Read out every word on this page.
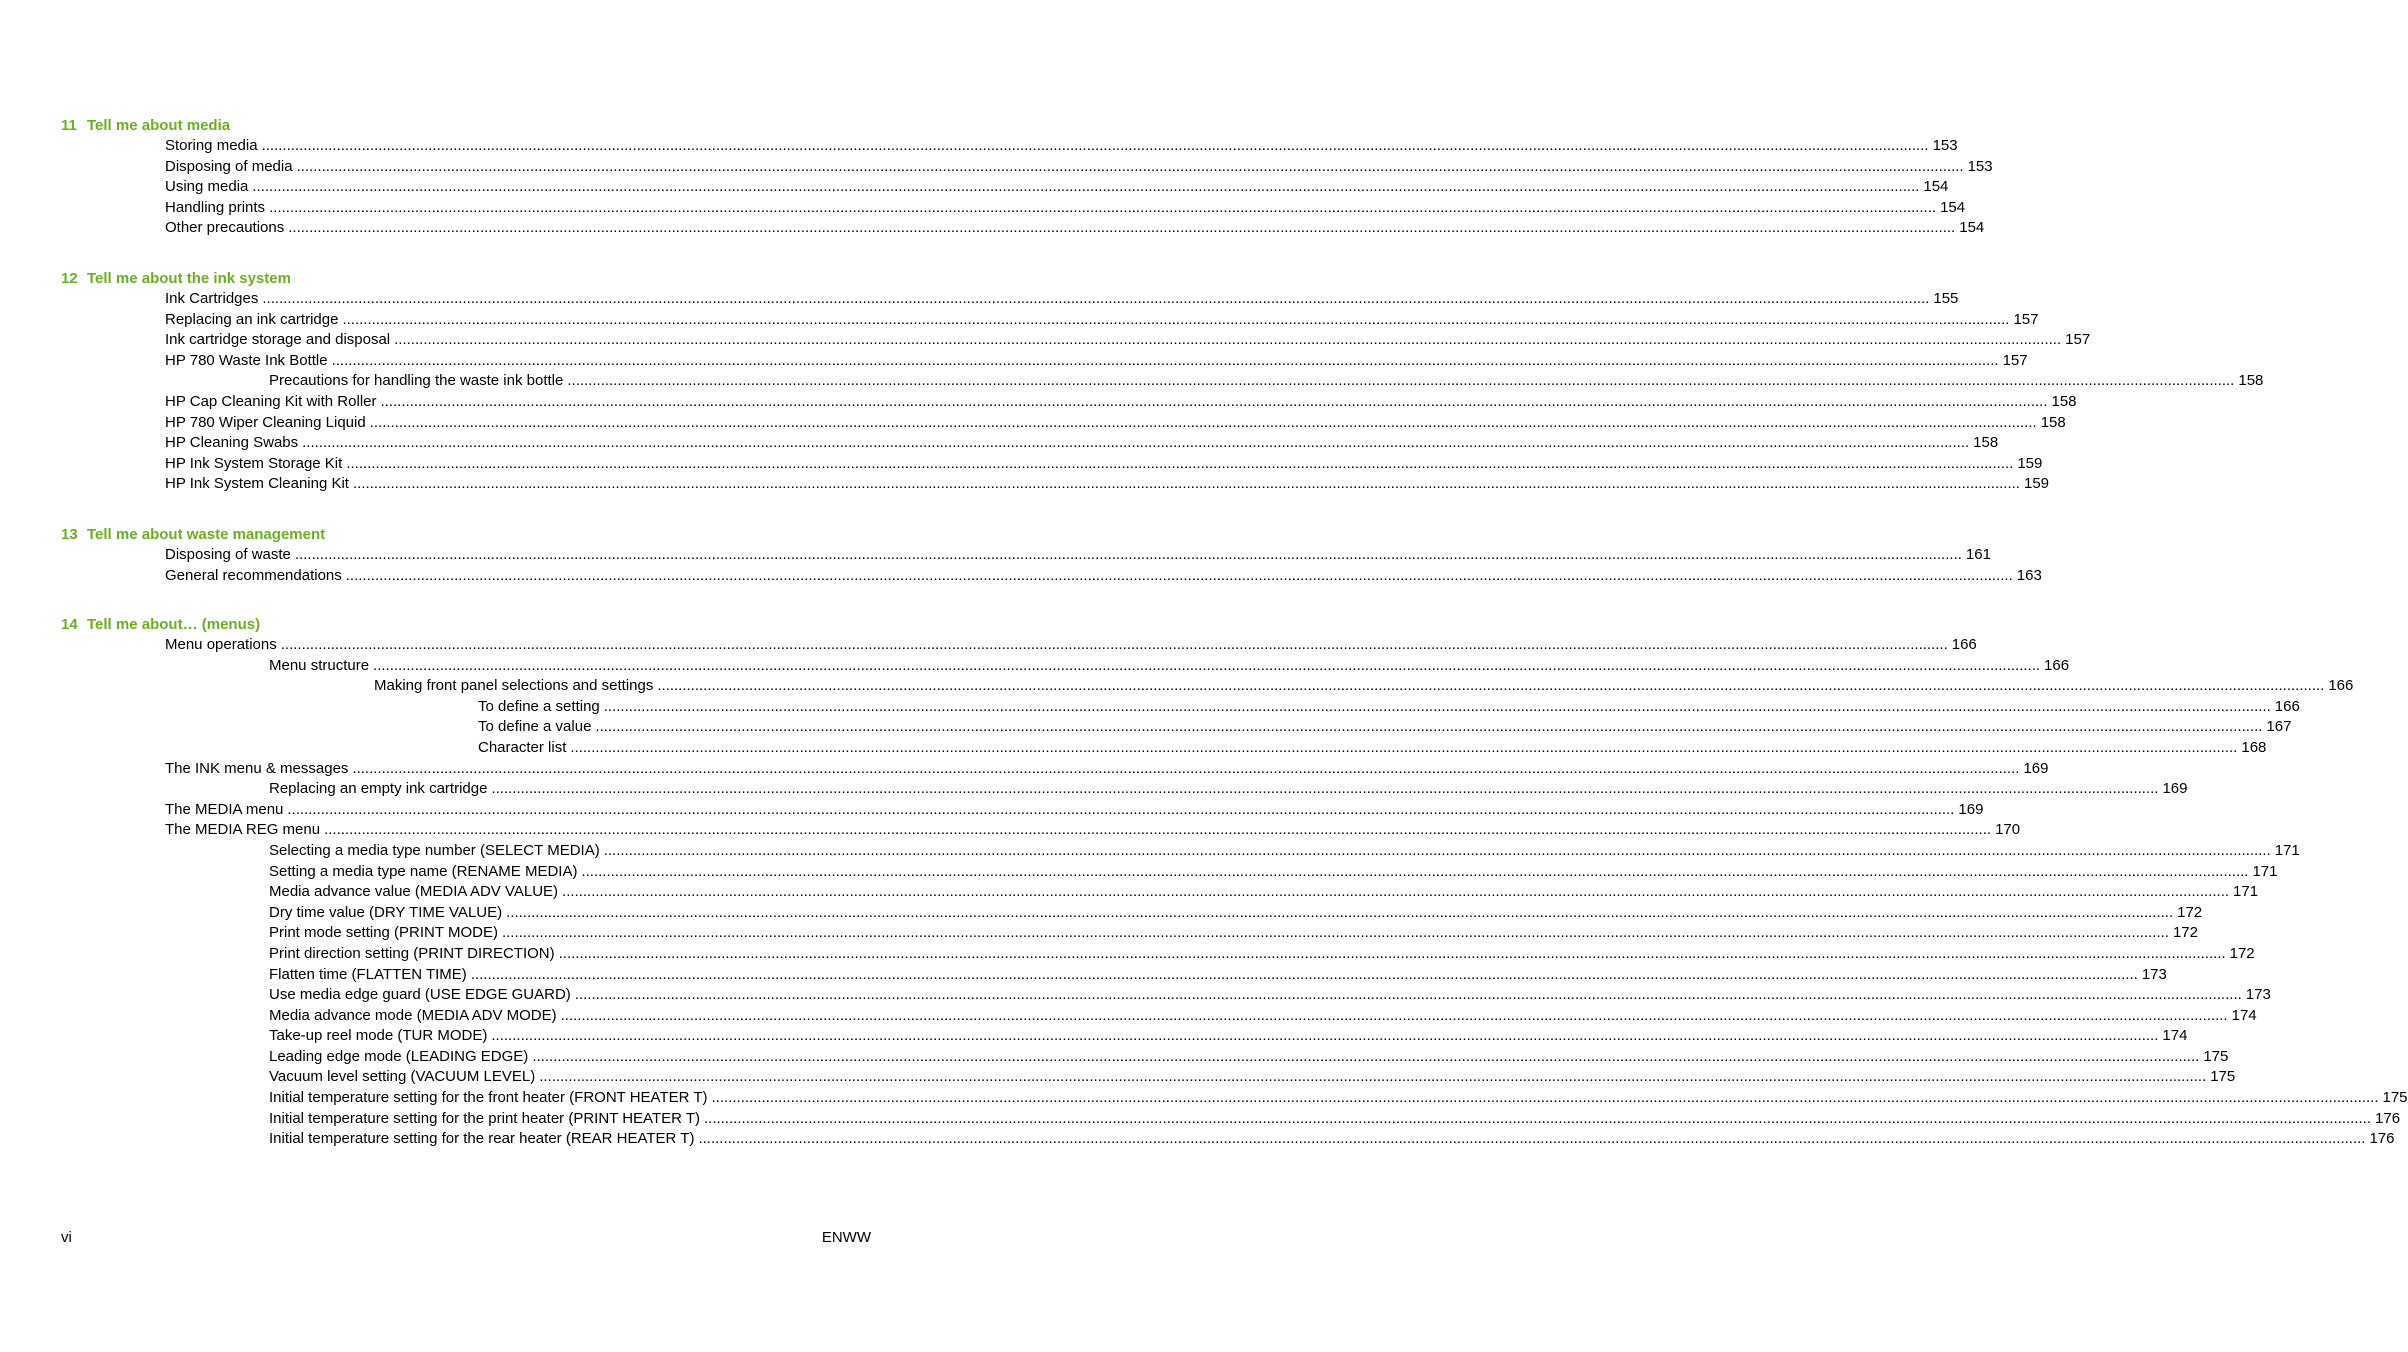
11 Tell me about media
Storing media ................................................................................................................................................................................................................................................................................................................................................................................................................ 153
Disposing of media ................................................................................................................................................................................................................................................................................................................................................................................................................ 153
Using media ................................................................................................................................................................................................................................................................................................................................................................................................................ 154
Handling prints ................................................................................................................................................................................................................................................................................................................................................................................................................ 154
Other precautions ................................................................................................................................................................................................................................................................................................................................................................................................................ 154
12 Tell me about the ink system
Ink Cartridges ................................................................................................................................................................................................................................................................................................................................................................................................................ 155
Replacing an ink cartridge ................................................................................................................................................................................................................................................................................................................................................................................................................ 157
Ink cartridge storage and disposal ................................................................................................................................................................................................................................................................................................................................................................................................................ 157
HP 780 Waste Ink Bottle ................................................................................................................................................................................................................................................................................................................................................................................................................ 157
Precautions for handling the waste ink bottle ................................................................................................................................................................................................................................................................................................................................................................................................................ 158
HP Cap Cleaning Kit with Roller ................................................................................................................................................................................................................................................................................................................................................................................................................ 158
HP 780 Wiper Cleaning Liquid ................................................................................................................................................................................................................................................................................................................................................................................................................ 158
HP Cleaning Swabs ................................................................................................................................................................................................................................................................................................................................................................................................................ 158
HP Ink System Storage Kit ................................................................................................................................................................................................................................................................................................................................................................................................................ 159
HP Ink System Cleaning Kit ................................................................................................................................................................................................................................................................................................................................................................................................................ 159
13 Tell me about waste management
Disposing of waste ................................................................................................................................................................................................................................................................................................................................................................................................................ 161
General recommendations ................................................................................................................................................................................................................................................................................................................................................................................................................ 163
14 Tell me about… (menus)
Menu operations ................................................................................................................................................................................................................................................................................................................................................................................................................ 166
Menu structure ................................................................................................................................................................................................................................................................................................................................................................................................................ 166
Making front panel selections and settings ................................................................................................................................................................................................................................................................................................................................................................................................................ 166
To define a setting ................................................................................................................................................................................................................................................................................................................................................................................................................ 166
To define a value ................................................................................................................................................................................................................................................................................................................................................................................................................ 167
Character list ................................................................................................................................................................................................................................................................................................................................................................................................................ 168
The INK menu & messages ................................................................................................................................................................................................................................................................................................................................................................................................................ 169
Replacing an empty ink cartridge ................................................................................................................................................................................................................................................................................................................................................................................................................ 169
The MEDIA menu ................................................................................................................................................................................................................................................................................................................................................................................................................ 169
The MEDIA REG menu ................................................................................................................................................................................................................................................................................................................................................................................................................ 170
Selecting a media type number (SELECT MEDIA) ................................................................................................................................................................................................................................................................................................................................................................................................................ 171
Setting a media type name (RENAME MEDIA) ................................................................................................................................................................................................................................................................................................................................................................................................................ 171
Media advance value (MEDIA ADV VALUE) ................................................................................................................................................................................................................................................................................................................................................................................................................ 171
Dry time value (DRY TIME VALUE) ................................................................................................................................................................................................................................................................................................................................................................................................................ 172
Print mode setting (PRINT MODE) ................................................................................................................................................................................................................................................................................................................................................................................................................ 172
Print direction setting (PRINT DIRECTION) ................................................................................................................................................................................................................................................................................................................................................................................................................ 172
Flatten time (FLATTEN TIME) ................................................................................................................................................................................................................................................................................................................................................................................................................ 173
Use media edge guard (USE EDGE GUARD) ................................................................................................................................................................................................................................................................................................................................................................................................................ 173
Media advance mode (MEDIA ADV MODE) ................................................................................................................................................................................................................................................................................................................................................................................................................ 174
Take-up reel mode (TUR MODE) ................................................................................................................................................................................................................................................................................................................................................................................................................ 174
Leading edge mode (LEADING EDGE) ................................................................................................................................................................................................................................................................................................................................................................................................................ 175
Vacuum level setting (VACUUM LEVEL) ................................................................................................................................................................................................................................................................................................................................................................................................................ 175
Initial temperature setting for the front heater (FRONT HEATER T) ................................................................................................................................................................................................................................................................................................................................................................................................................ 175
Initial temperature setting for the print heater (PRINT HEATER T) ................................................................................................................................................................................................................................................................................................................................................................................................................ 176
Initial temperature setting for the rear heater (REAR HEATER T) ................................................................................................................................................................................................................................................................................................................................................................................................................ 176
vi	ENWW
